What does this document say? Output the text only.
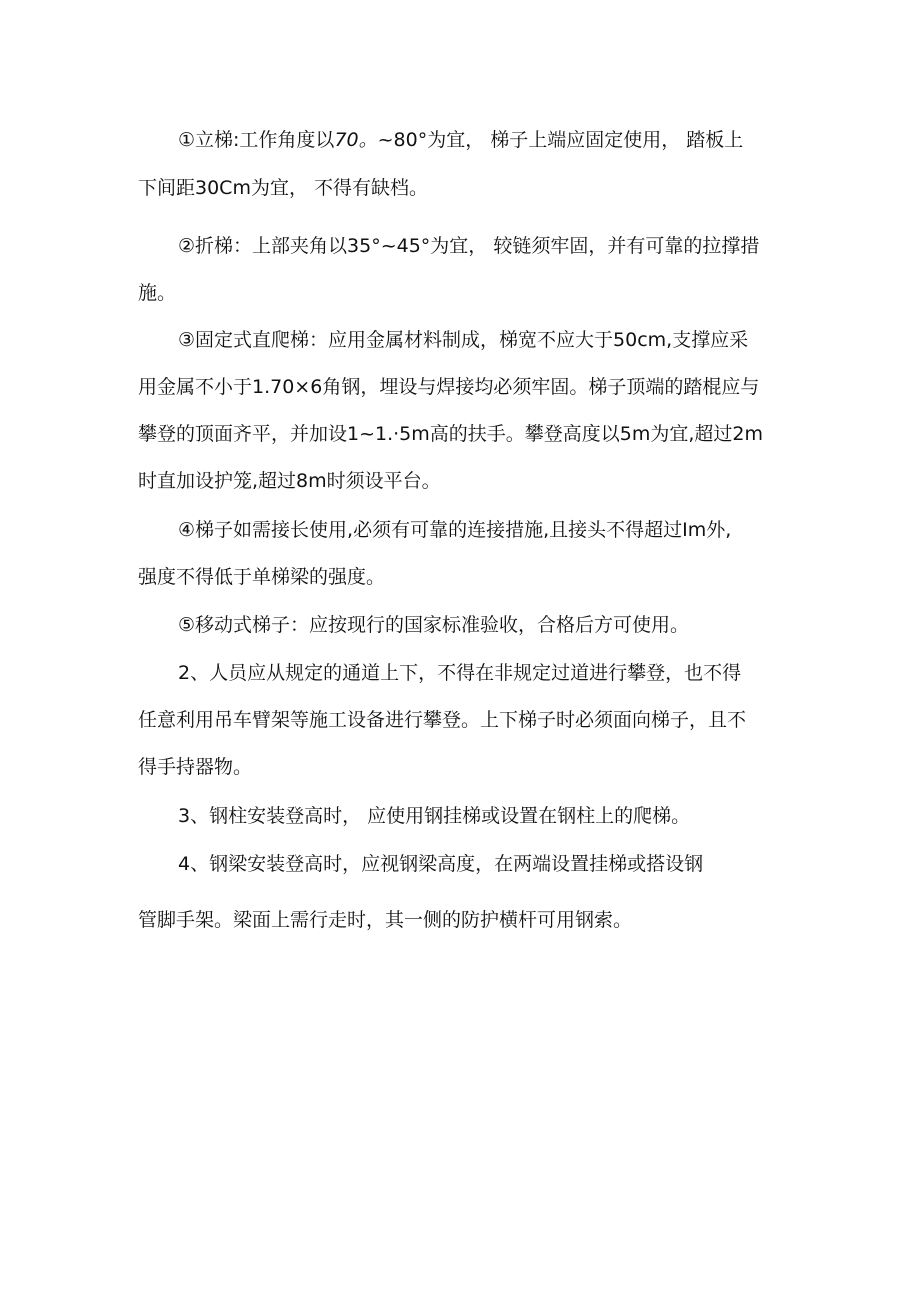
①立梯:工作角度以70。~80°为宜， 梯子上端应固定使用， 踏板上
下间距30Cm为宜， 不得有缺档。
②折梯：上部夹角以35°~45°为宜， 较链须牢固，并有可靠的拉撑措
施。
③固定式直爬梯：应用金属材料制成，梯宽不应大于50cm,支撑应采
用金属不小于1.70×6角钢，埋设与焊接均必须牢固。梯子顶端的踏棍应与
攀登的顶面齐平，并加设1~1.·5m高的扶手。攀登高度以5m为宜,超过2m
时直加设护笼,超过8m时须设平台。
④梯子如需接长使用,必须有可靠的连接措施,且接头不得超过Im外,
强度不得低于单梯梁的强度。
⑤移动式梯子：应按现行的国家标准验收，合格后方可使用。
2、人员应从规定的通道上下，不得在非规定过道进行攀登，也不得
任意利用吊车臂架等施工设备进行攀登。上下梯子时必须面向梯子，且不
得手持器物。
3、钢柱安装登高时， 应使用钢挂梯或设置在钢柱上的爬梯。
4、钢梁安装登高时，应视钢梁高度，在两端设置挂梯或搭设钢
管脚手架。梁面上需行走时，其一侧的防护横杆可用钢索。
